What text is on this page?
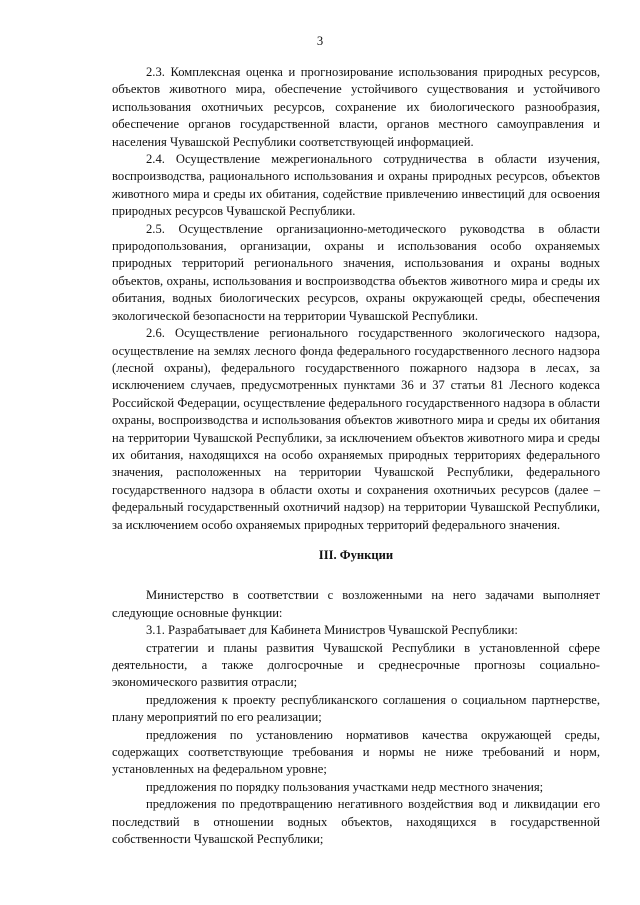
3

2.3. Комплексная оценка и прогнозирование использования природных ресурсов, объектов животного мира, обеспечение устойчивого существования и устойчивого использования охотничьих ресурсов, сохранение их биологического разнообразия, обеспечение органов государственной власти, органов местного самоуправления и населения Чувашской Республики соответствующей информацией.

2.4. Осуществление межрегионального сотрудничества в области изучения, воспроизводства, рационального использования и охраны природных ресурсов, объектов животного мира и среды их обитания, содействие привлечению инвестиций для освоения природных ресурсов Чувашской Республики.

2.5. Осуществление организационно-методического руководства в области природопользования, организации, охраны и использования особо охраняемых природных территорий регионального значения, использования и охраны водных объектов, охраны, использования и воспроизводства объектов животного мира и среды их обитания, водных биологических ресурсов, охраны окружающей среды, обеспечения экологической безопасности на территории Чувашской Республики.

2.6. Осуществление регионального государственного экологического надзора, осуществление на землях лесного фонда федерального государственного лесного надзора (лесной охраны), федерального государственного пожарного надзора в лесах, за исключением случаев, предусмотренных пунктами 36 и 37 статьи 81 Лесного кодекса Российской Федерации, осуществление федерального государственного надзора в области охраны, воспроизводства и использования объектов животного мира и среды их обитания на территории Чувашской Республики, за исключением объектов животного мира и среды их обитания, находящихся на особо охраняемых природных территориях федерального значения, расположенных на территории Чувашской Республики, федерального государственного надзора в области охоты и сохранения охотничьих ресурсов (далее – федеральный государственный охотничий надзор) на территории Чувашской Республики, за исключением особо охраняемых природных территорий федерального значения.

III. Функции

Министерство в соответствии с возложенными на него задачами выполняет следующие основные функции:

3.1. Разрабатывает для Кабинета Министров Чувашской Республики:

стратегии и планы развития Чувашской Республики в установленной сфере деятельности, а также долгосрочные и среднесрочные прогнозы социально-экономического развития отрасли;

предложения к проекту республиканского соглашения о социальном партнерстве, плану мероприятий по его реализации;

предложения по установлению нормативов качества окружающей среды, содержащих соответствующие требования и нормы не ниже требований и норм, установленных на федеральном уровне;

предложения по порядку пользования участками недр местного значения;

предложения по предотвращению негативного воздействия вод и ликвидации его последствий в отношении водных объектов, находящихся в государственной собственности Чувашской Республики;
